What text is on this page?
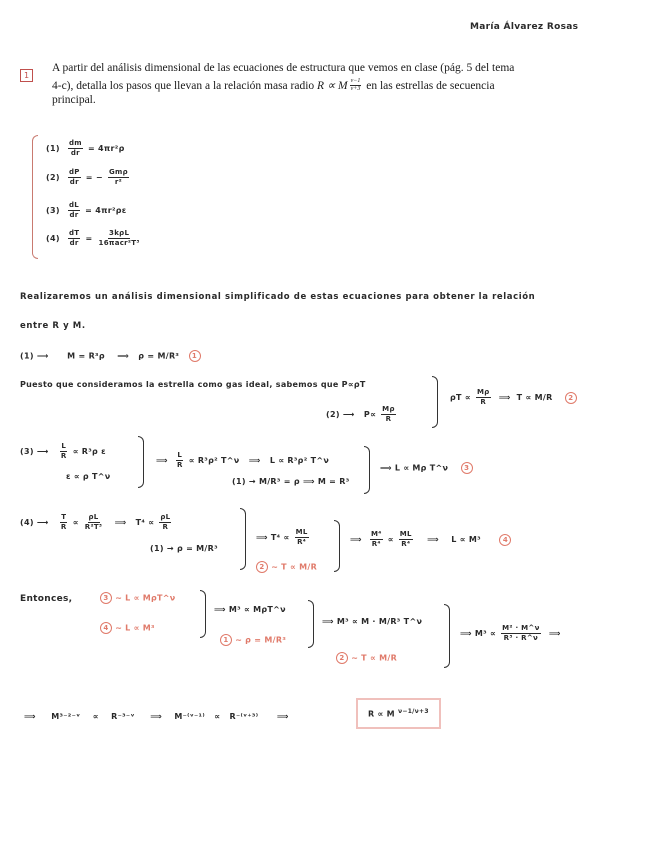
María Álvarez Rosas
1
A partir del análisis dimensional de las ecuaciones de estructura que vemos en clase (pág. 5 del tema
4-c), detalla los pasos que llevan a la relación masa radio R ∝ M $\frac{\nu-1}{\nu+3}$ en las estrellas de secuencia
principal.
$(1) \frac{dm}{dr} = 4\pi r^2\rho$
$(2) \frac{dP}{dr}$ = − $\frac{\text{Gmρ}}{\text{r²}}$
$(3) \frac{dL}{dr} = 4\pi r^2\rho\varepsilon$
$(4) \frac{dT}{dr} = \frac{\text{3kρL}}{\text{16πacr²T³}}$
Realizaremos un análisis dimensional simplificado de estas ecuaciones para obtener la relación
entre R y M.
(1) ⟶ M = R³ρ ⟹ ρ = M/R³ 1
Puesto que consideramos la estrella como gas ideal, sabemos que P∝ρT
(2) ⟶ $P\propto \frac{M\rho}{R}$
$\rho T \propto \frac{M\rho}{R}$ ⟹ T ∝ M/R 2
(3) ⟶ $\frac{L}{R} \propto R^3\rho$ ε
ε ∝ ρ T^ν
⟹ $\frac{L}{R} \propto R^3\rho^2$ T^ν ⟹ L ∝ R³ρ² T^ν
(1) → M/R³ = ρ ⟹ M = R³
⟹ L ∝ Mρ T^ν 3
(4) ⟶ $\frac{T}{R} \propto \frac{\rho L}{\text{R²T³}}$ ⟹ $T^4 \propto \frac{\rho L}{R}$
(1) → ρ = M/R³
⟹ $T^4 \propto \frac{ML}{\text{R⁴}}$
2 ∼ T ∝ M/R
⟹ $\frac{\text{M⁴}}{\text{R⁴}} \propto \frac{ML}{\text{R⁴}}$ ⟹ L ∝ M³	4
Entonces,	3 ∼ L ∝ MρT^ν
4 ∼ L ∝ M³
⟹ M³ ∝ MρT^ν
1 ∼ ρ = M/R³
⟹ M³ ∝ M · M/R³ T^ν
2 ∼ T ∝ M/R
⟹ $M^3 \propto \frac{\text{M² · M\textasciicircum{}ν}}{\text{R³ · R\textasciicircum{}ν}}$ ⟹
⟹ M³⁻²⁻ᵛ ∝ R⁻³⁻ᵛ ⟹ M⁻⁽ᵛ⁻¹⁾ ∝ R⁻⁽ᵛ⁺³⁾ ⟹	R ∝ M $^{\nu-1/\nu+3}$
